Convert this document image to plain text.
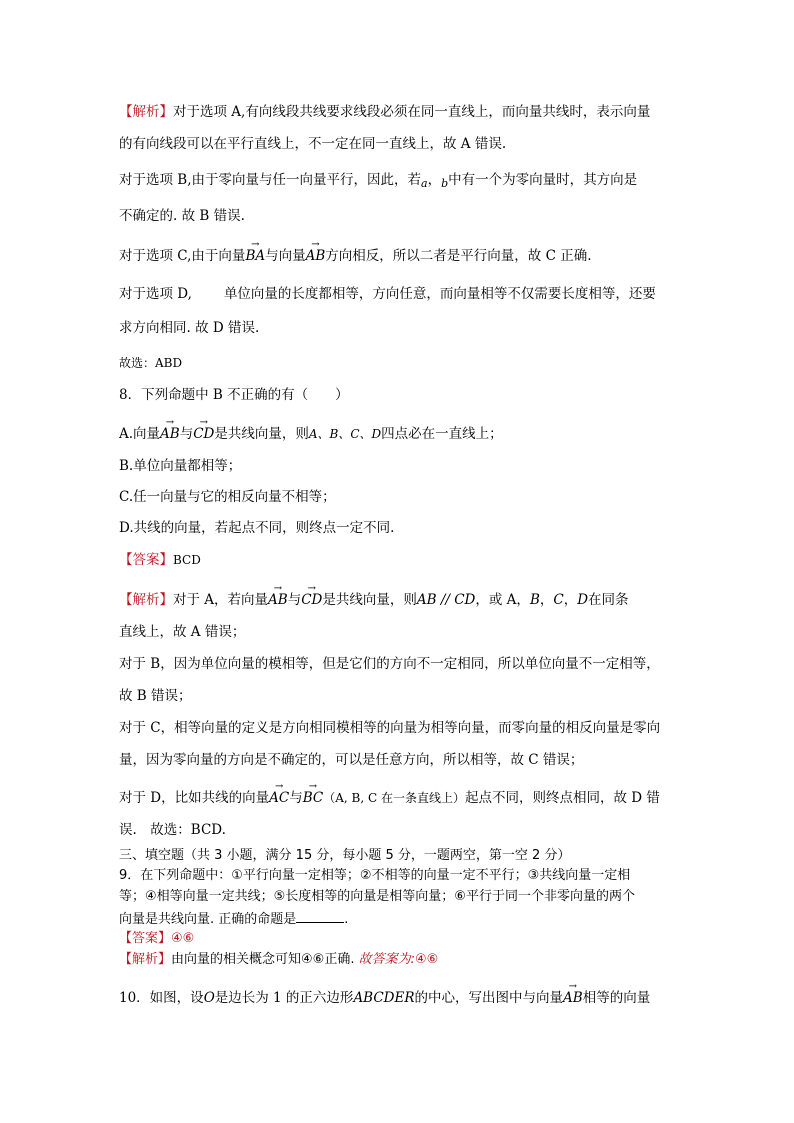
【解析】对于选项 A,有向线段共线要求线段必须在同一直线上，而向量共线时，表示向量
的有向线段可以在平行直线上，不一定在同一直线上，故 A 错误.
对于选项 B,由于零向量与任一向量平行，因此，若$_a$，$_b$中有一个为零向量时，其方向是
不确定的. 故 B 错误.
对于选项 C,由于向量→ BA与向量→ AB方向相反，所以二者是平行向量，故 C 正确.
对于选项 D, 单位向量的长度都相等，方向任意，而向量相等不仅需要长度相等，还要
求方向相同. 故 D 错误.
故选：ABD
8．下列命题中 B 不正确的有（　　）
A.向量→ AB与→ CD是共线向量，则A、B、C、D四点必在一直线上；
B.单位向量都相等；
C.任一向量与它的相反向量不相等；
D.共线的向量，若起点不同，则终点一定不同.
【答案】BCD
【解析】对于 A，若向量→ AB与→ CD是共线向量，则AB // CD，或 A，B，C，D在同条
直线上，故 A 错误；
对于 B，因为单位向量的模相等，但是它们的方向不一定相同，所以单位向量不一定相等，
故 B 错误；
对于 C，相等向量的定义是方向相同模相等的向量为相等向量，而零向量的相反向量是零向
量，因为零向量的方向是不确定的，可以是任意方向，所以相等，故 C 错误；
对于 D，比如共线的向量→ AC与→ BC（A, B, C 在一条直线上）起点不同，则终点相同，故 D 错
误.　故选：BCD.
三、填空题（共 3 小题，满分 15 分，每小题 5 分，一题两空，第一空 2 分）
9．在下列命题中：①平行向量一定相等；②不相等的向量一定不平行；③共线向量一定相
等；④相等向量一定共线；⑤长度相等的向量是相等向量；⑥平行于同一个非零向量的两个
向量是共线向量. 正确的命题是	.
【答案】④⑥
【解析】由向量的相关概念可知④⑥正确. 故答案为:④⑥
10．如图，设O是边长为 1 的正六边形ABCDER的中心，写出图中与向量→ AB相等的向量
